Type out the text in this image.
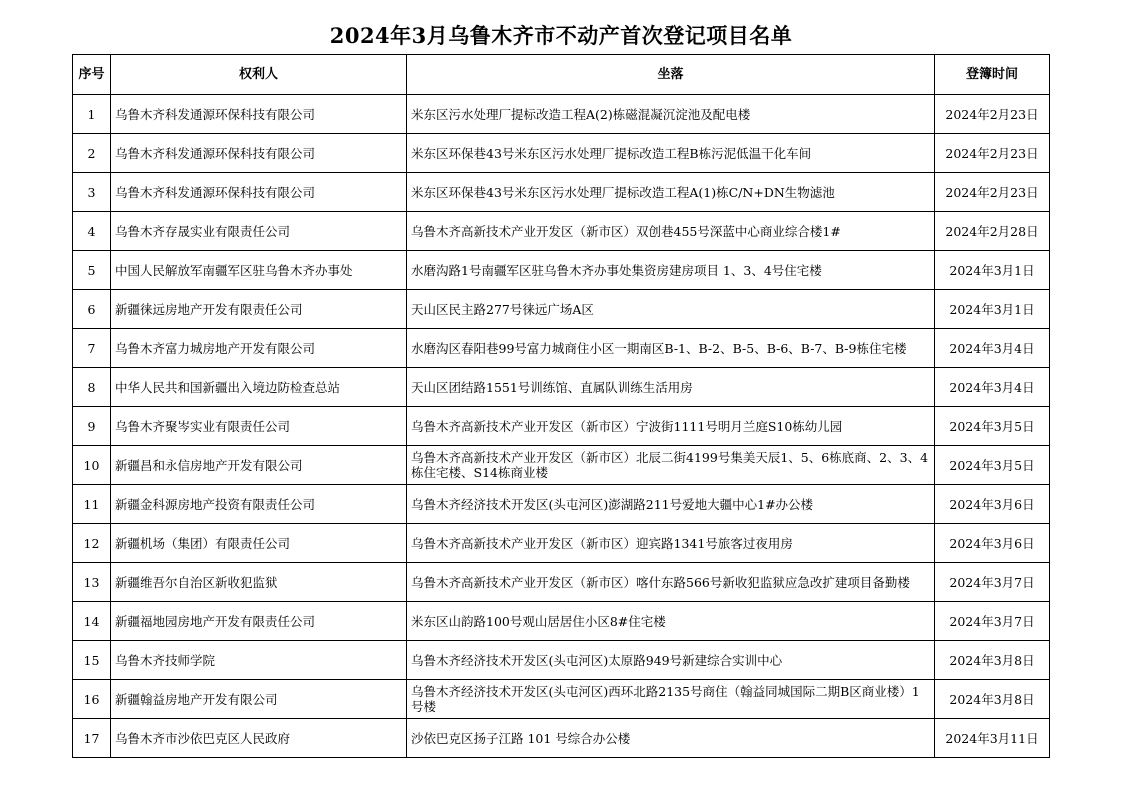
2024年3月乌鲁木齐市不动产首次登记项目名单
序号	权利人	坐落	登簿时间
1	乌鲁木齐科发通源环保科技有限公司	米东区污水处理厂提标改造工程A(2)栋磁混凝沉淀池及配电楼	2024年2月23日
2	乌鲁木齐科发通源环保科技有限公司	米东区环保巷43号米东区污水处理厂提标改造工程B栋污泥低温干化车间	2024年2月23日
3	乌鲁木齐科发通源环保科技有限公司	米东区环保巷43号米东区污水处理厂提标改造工程A(1)栋C/N+DN生物滤池	2024年2月23日
4	乌鲁木齐存晟实业有限责任公司	乌鲁木齐高新技术产业开发区（新市区）双创巷455号深蓝中心商业综合楼1#	2024年2月28日
5	中国人民解放军南疆军区驻乌鲁木齐办事处	水磨沟路1号南疆军区驻乌鲁木齐办事处集资房建房项目 1、3、4号住宅楼	2024年3月1日
6	新疆徕远房地产开发有限责任公司	天山区民主路277号徕远广场A区	2024年3月1日
7	乌鲁木齐富力城房地产开发有限公司	水磨沟区春阳巷99号富力城商住小区一期南区B-1、B-2、B-5、B-6、B-7、B-9栋住宅楼	2024年3月4日
8	中华人民共和国新疆出入境边防检查总站	天山区团结路1551号训练馆、直属队训练生活用房	2024年3月4日
9	乌鲁木齐聚岑实业有限责任公司	乌鲁木齐高新技术产业开发区（新市区）宁波街1111号明月兰庭S10栋幼儿园	2024年3月5日
10	新疆昌和永信房地产开发有限公司	乌鲁木齐高新技术产业开发区（新市区）北辰二街4199号集美天辰1、5、6栋底商、2、3、4栋住宅楼、S14栋商业楼	2024年3月5日
11	新疆金科源房地产投资有限责任公司	乌鲁木齐经济技术开发区(头屯河区)澎湖路211号爱地大疆中心1#办公楼	2024年3月6日
12	新疆机场（集团）有限责任公司	乌鲁木齐高新技术产业开发区（新市区）迎宾路1341号旅客过夜用房	2024年3月6日
13	新疆维吾尔自治区新收犯监狱	乌鲁木齐高新技术产业开发区（新市区）喀什东路566号新收犯监狱应急改扩建项目备勤楼	2024年3月7日
14	新疆福地园房地产开发有限责任公司	米东区山韵路100号观山居居住小区8#住宅楼	2024年3月7日
15	乌鲁木齐技师学院	乌鲁木齐经济技术开发区(头屯河区)太原路949号新建综合实训中心	2024年3月8日
16	新疆翰益房地产开发有限公司	乌鲁木齐经济技术开发区(头屯河区)西环北路2135号商住（翰益同城国际二期B区商业楼）1号楼	2024年3月8日
17	乌鲁木齐市沙依巴克区人民政府	沙依巴克区扬子江路 101 号综合办公楼	2024年3月11日
